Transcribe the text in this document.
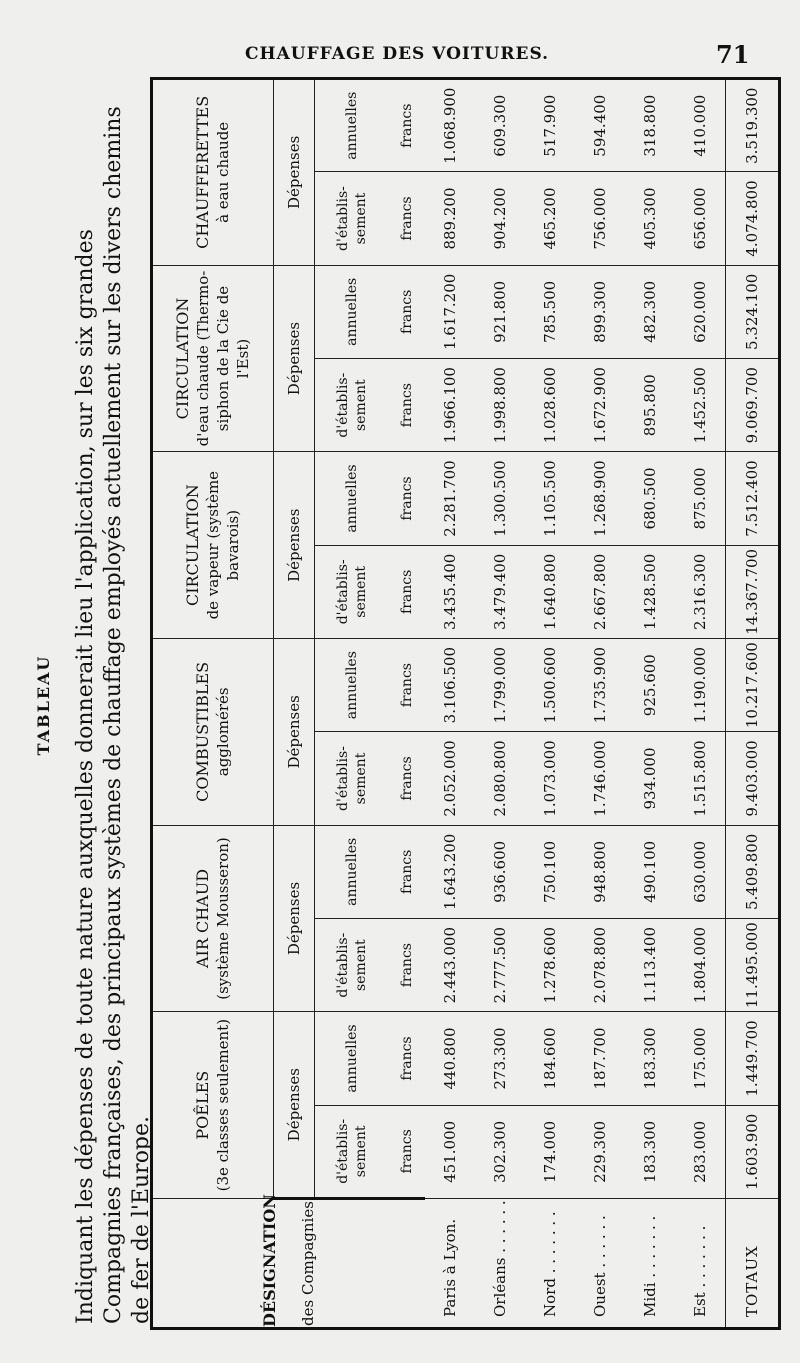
CHAUFFAGE DES VOITURES.	71
TABLEAU Indiquant les dépenses de toute nature auxquelles donnerait lieu l'application, sur les six grandes Compagnies françaises, des principaux systèmes de chauffage employés actuellement sur les divers chemins de fer de l'Europe.	DÉSIGNATION des Compagnies	POÊLES (3e classes seulement)		AIR CHAUD (système Mousseron)		COMBUSTIBLES agglomérés		CIRCULATION de vapeur (système bavarois)		CIRCULATION d'eau chaude (Thermo-siphon de la Cie de l'Est)		CHAUFFERETTES à eau chaude	

	Dépenses		Dépenses		Dépenses		Dépenses		Dépenses		Dépenses	
	d'établis-sement	annuelles	d'établis-sement	annuelles	d'établis-sement	annuelles	d'établis-sement	annuelles	d'établis-sement	annuelles	d'établis-sement	annuelles
	francs	francs	francs	francs	francs	francs	francs	francs	francs	francs	francs	francs
Paris à Lyon.	451.000	440.800	2.443.000	1.643.200	2.052.000	3.106.500	3.435.400	2.281.700	1.966.100	1.617.200	889.200	1.068.900
Orléans . . . . . .	302.300	273.300	2.777.500	936.600	2.080.800	1.799.000	3.479.400	1.300.500	1.998.800	921.800	904.200	609.300
Nord . . . . . . .	174.000	184.600	1.278.600	750.100	1.073.000	1.500.600	1.640.800	1.105.500	1.028.600	785.500	465.200	517.900
Ouest . . . . . .	229.300	187.700	2.078.800	948.800	1.746.000	1.735.900	2.667.800	1.268.900	1.672.900	899.300	756.000	594.400
Midi . . . . . . .	183.300	183.300	1.113.400	490.100	934.000	925.600	1.428.500	680.500	895.800	482.300	405.300	318.800
Est . . . . . . .	283.000	175.000	1.804.000	630.000	1.515.800	1.190.000	2.316.300	875.000	1.452.500	620.000	656.000	410.000
TOTAUX	1.603.900	1.449.700	11.495.000	5.409.800	9.403.000	10.217.600	14.367.700	7.512.400	9.069.700	5.324.100	4.074.800	3.519.300
